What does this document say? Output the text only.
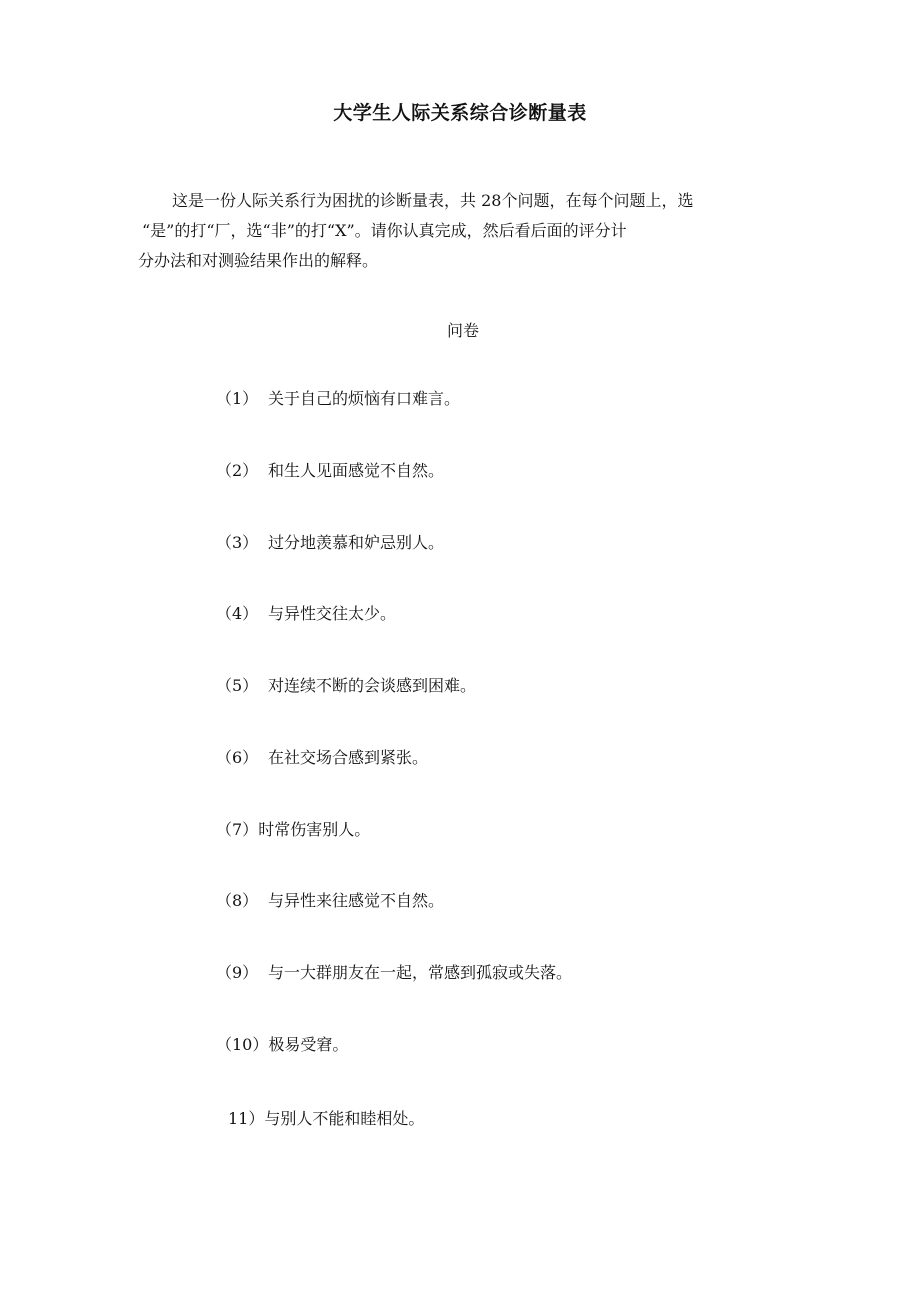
大学生人际关系综合诊断量表

这是一份人际关系行为困扰的诊断量表，共 28个问题，在每个问题上，选

“是”的打“厂，选“非”的打“X”。请你认真完成，然后看后面的评分计

分办法和对测验结果作出的解释。

问卷
（1） 关于自己的烦恼有口难言。
（2） 和生人见面感觉不自然。
（3） 过分地羡慕和妒忌别人。
（4） 与异性交往太少。
（5） 对连续不断的会谈感到困难。
（6） 在社交场合感到紧张。
（7）时常伤害别人。
（8） 与异性来往感觉不自然。
（9） 与一大群朋友在一起，常感到孤寂或失落。
（10）极易受窘。
11）与别人不能和睦相处。
